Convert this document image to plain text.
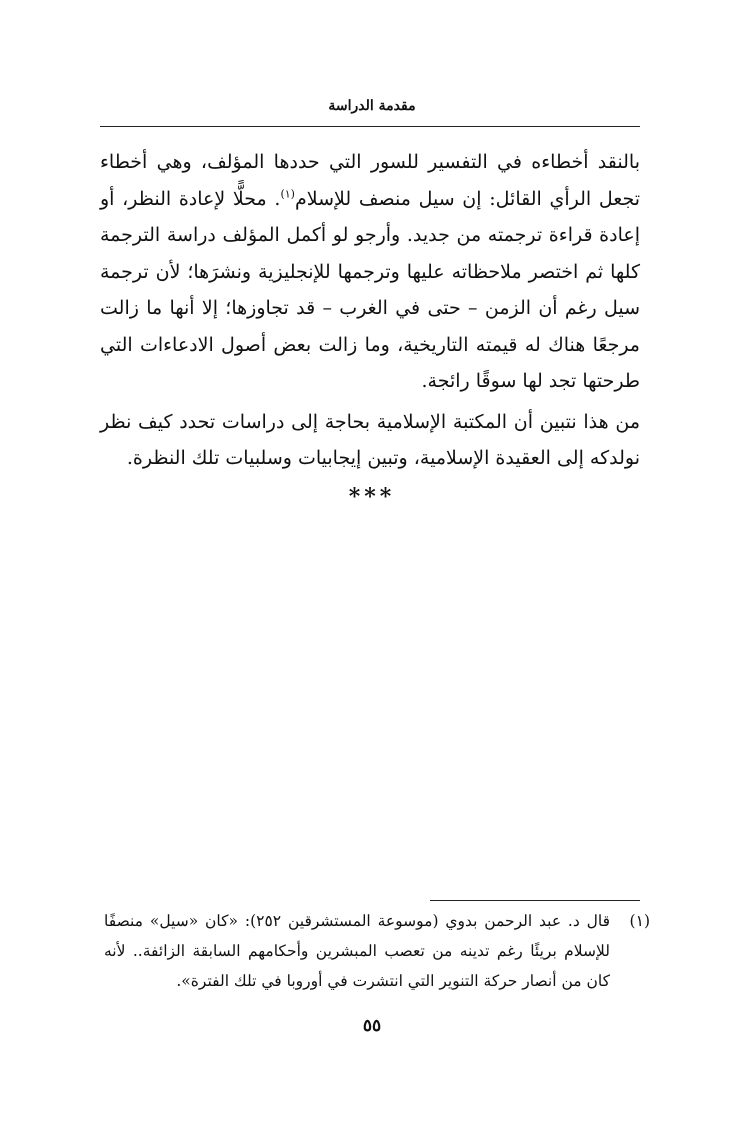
مقدمة الدراسة

بالنقد أخطاءه في التفسير للسور التي حددها المؤلف، وهي أخطاء تجعل الرأي القائل: إن سيل منصف للإسلام$^{(١)}$. محلًّا لإعادة النظر، أو إعادة قراءة ترجمته من جديد. وأرجو لو أكمل المؤلف دراسة الترجمة كلها ثم اختصر ملاحظاته عليها وترجمها للإنجليزية ونشرَها؛ لأن ترجمة سيل رغم أن الزمن – حتى في الغرب – قد تجاوزها؛ إلا أنها ما زالت مرجعًا هناك له قيمته التاريخية، وما زالت بعض أصول الادعاءات التي طرحتها تجد لها سوقًا رائجة.

من هذا نتبين أن المكتبة الإسلامية بحاجة إلى دراسات تحدد كيف نظر نولدكه إلى العقيدة الإسلامية، وتبين إيجابيات وسلبيات تلك النظرة.

***
(١)
قال د. عبد الرحمن بدوي (موسوعة المستشرقين ٢٥٢): «كان «سيل» منصفًا للإسلام بريئًا رغم تدينه من تعصب المبشرين وأحكامهم السابقة الزائفة.. لأنه كان من أنصار حركة التنوير التي انتشرت في أوروبا في تلك الفترة».
٥٥
